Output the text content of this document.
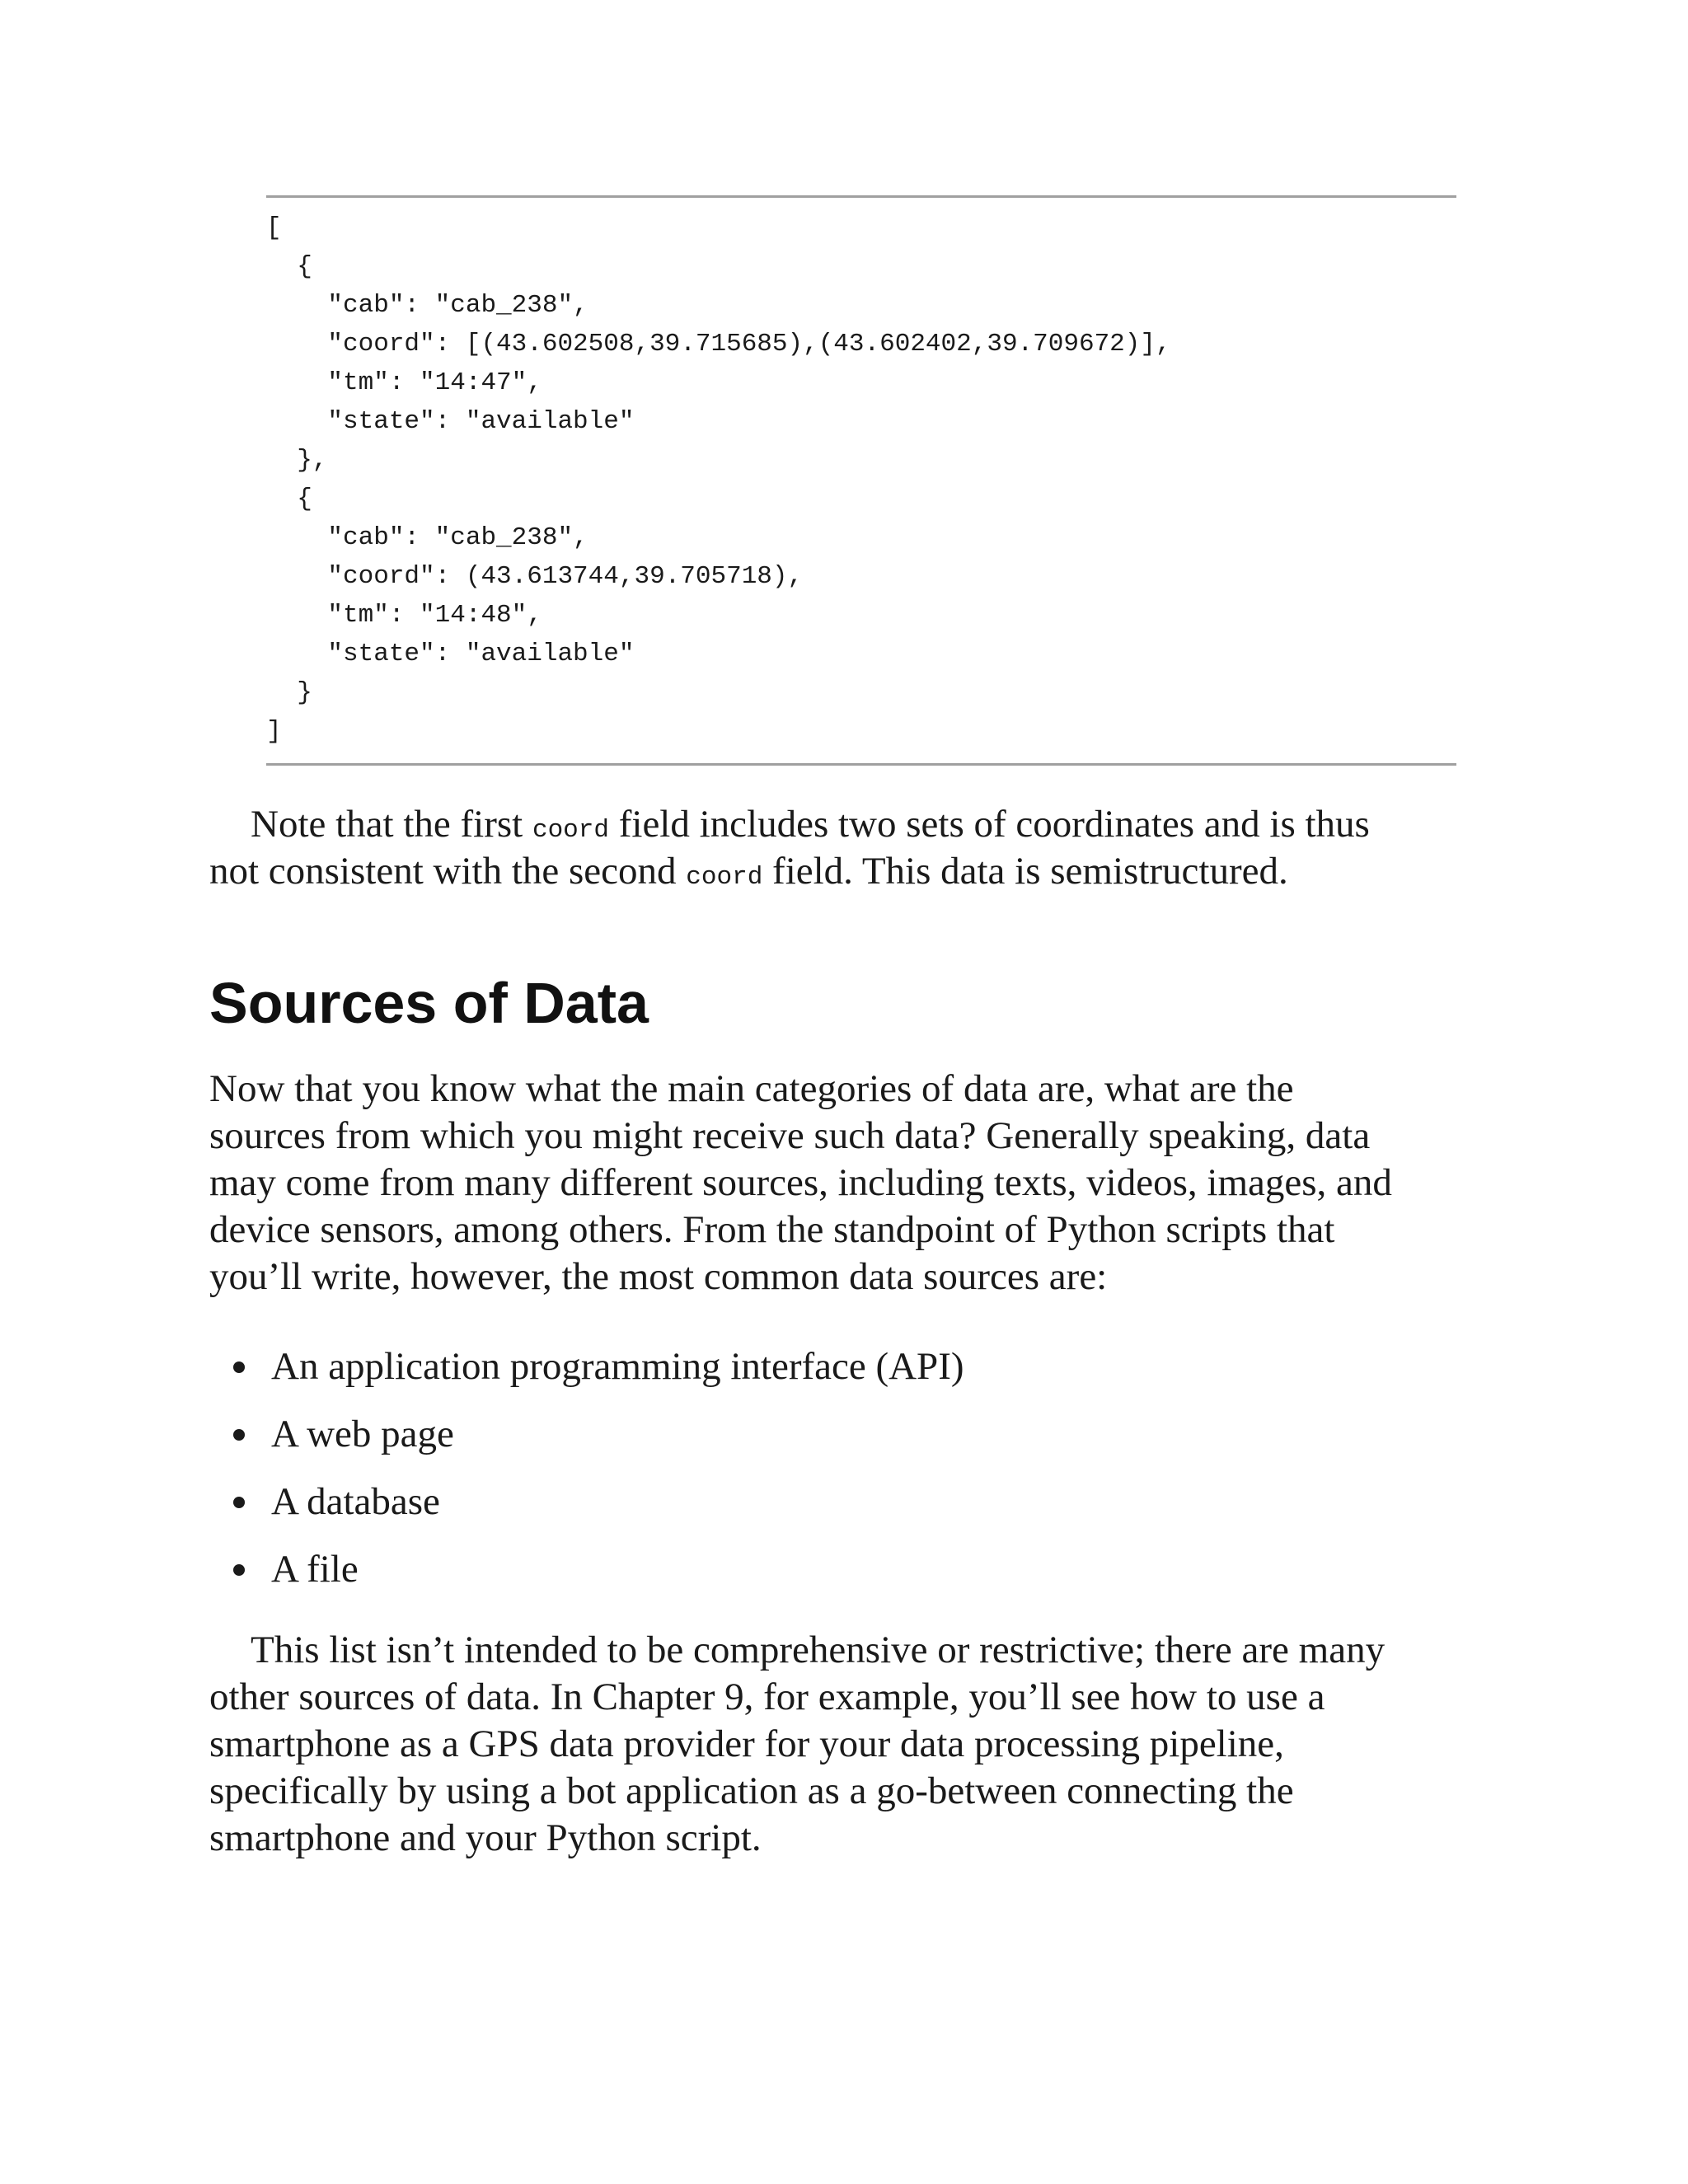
[
{
"cab": "cab_238",
"coord": [(43.602508,39.715685),(43.602402,39.709672)],
"tm": "14:47",
"state": "available"
},
{
"cab": "cab_238",
"coord": (43.613744,39.705718),
"tm": "14:48",
"state": "available"
}
]
Note that the first coord field includes two sets of coordinates and is thus
not consistent with the second coord field. This data is semistructured.
Sources of Data
Now that you know what the main categories of data are, what are the
sources from which you might receive such data? Generally speaking, data
may come from many different sources, including texts, videos, images, and
device sensors, among others. From the standpoint of Python scripts that
you’ll write, however, the most common data sources are:
An application programming interface (API)
A web page
A database
A file
This list isn’t intended to be comprehensive or restrictive; there are many
other sources of data. In Chapter 9, for example, you’ll see how to use a
smartphone as a GPS data provider for your data processing pipeline,
specifically by using a bot application as a go-between connecting the
smartphone and your Python script.
